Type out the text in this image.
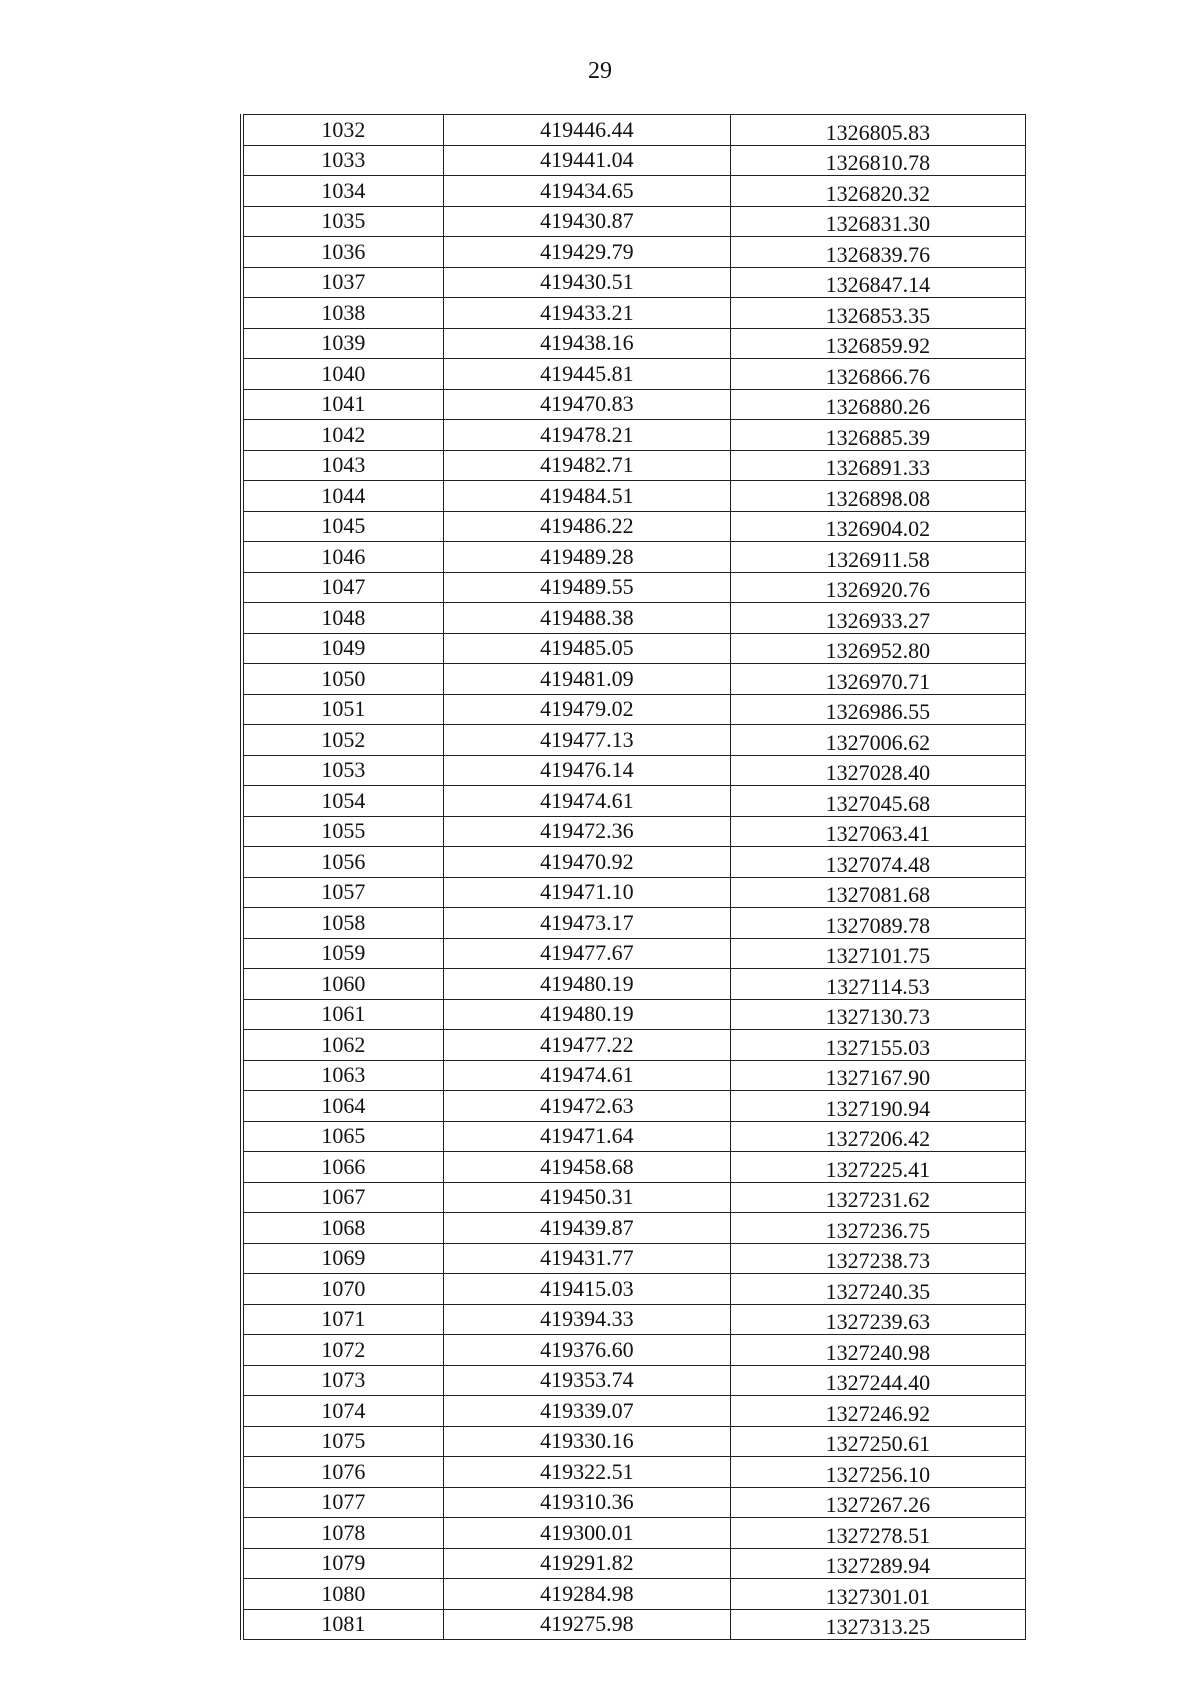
29
1032	419446.44	1326805.83
1033	419441.04	1326810.78
1034	419434.65	1326820.32
1035	419430.87	1326831.30
1036	419429.79	1326839.76
1037	419430.51	1326847.14
1038	419433.21	1326853.35
1039	419438.16	1326859.92
1040	419445.81	1326866.76
1041	419470.83	1326880.26
1042	419478.21	1326885.39
1043	419482.71	1326891.33
1044	419484.51	1326898.08
1045	419486.22	1326904.02
1046	419489.28	1326911.58
1047	419489.55	1326920.76
1048	419488.38	1326933.27
1049	419485.05	1326952.80
1050	419481.09	1326970.71
1051	419479.02	1326986.55
1052	419477.13	1327006.62
1053	419476.14	1327028.40
1054	419474.61	1327045.68
1055	419472.36	1327063.41
1056	419470.92	1327074.48
1057	419471.10	1327081.68
1058	419473.17	1327089.78
1059	419477.67	1327101.75
1060	419480.19	1327114.53
1061	419480.19	1327130.73
1062	419477.22	1327155.03
1063	419474.61	1327167.90
1064	419472.63	1327190.94
1065	419471.64	1327206.42
1066	419458.68	1327225.41
1067	419450.31	1327231.62
1068	419439.87	1327236.75
1069	419431.77	1327238.73
1070	419415.03	1327240.35
1071	419394.33	1327239.63
1072	419376.60	1327240.98
1073	419353.74	1327244.40
1074	419339.07	1327246.92
1075	419330.16	1327250.61
1076	419322.51	1327256.10
1077	419310.36	1327267.26
1078	419300.01	1327278.51
1079	419291.82	1327289.94
1080	419284.98	1327301.01
1081	419275.98	1327313.25
